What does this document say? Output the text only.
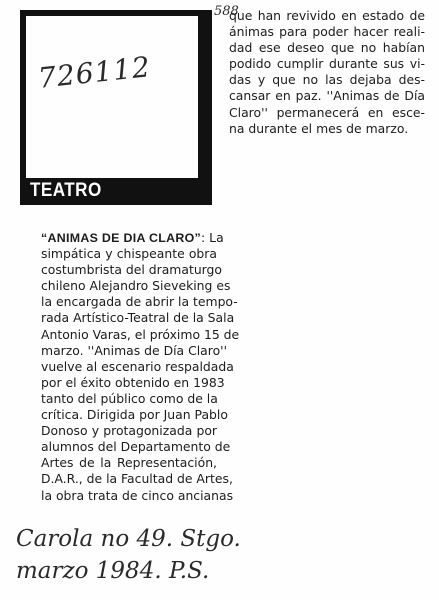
TEATRO
726112
588
que han revivido en estado de
ánimas para poder hacer reali-
dad ese deseo que no habían
podido cumplir durante sus vi-
das y que no las dejaba des-
cansar en paz. ''Animas de Día
Claro'' permanecerá en esce-
na durante el mes de marzo.
“ANIMAS DE DIA CLARO”: La
simpática y chispeante obra
costumbrista del dramaturgo
chileno Alejandro Sieveking es
la encargada de abrir la tempo-
rada Artístico-Teatral de la Sala
Antonio Varas, el próximo 15 de
marzo. ''Animas de Día Claro''
vuelve al escenario respaldada
por el éxito obtenido en 1983
tanto del público como de la
crítica. Dirigida por Juan Pablo
Donoso y protagonizada por
alumnos del Departamento de
Artes de la Representación,
D.A.R., de la Facultad de Artes,
la obra trata de cinco ancianas
Carola no 49. Stgo.
marzo 1984. P.S.
